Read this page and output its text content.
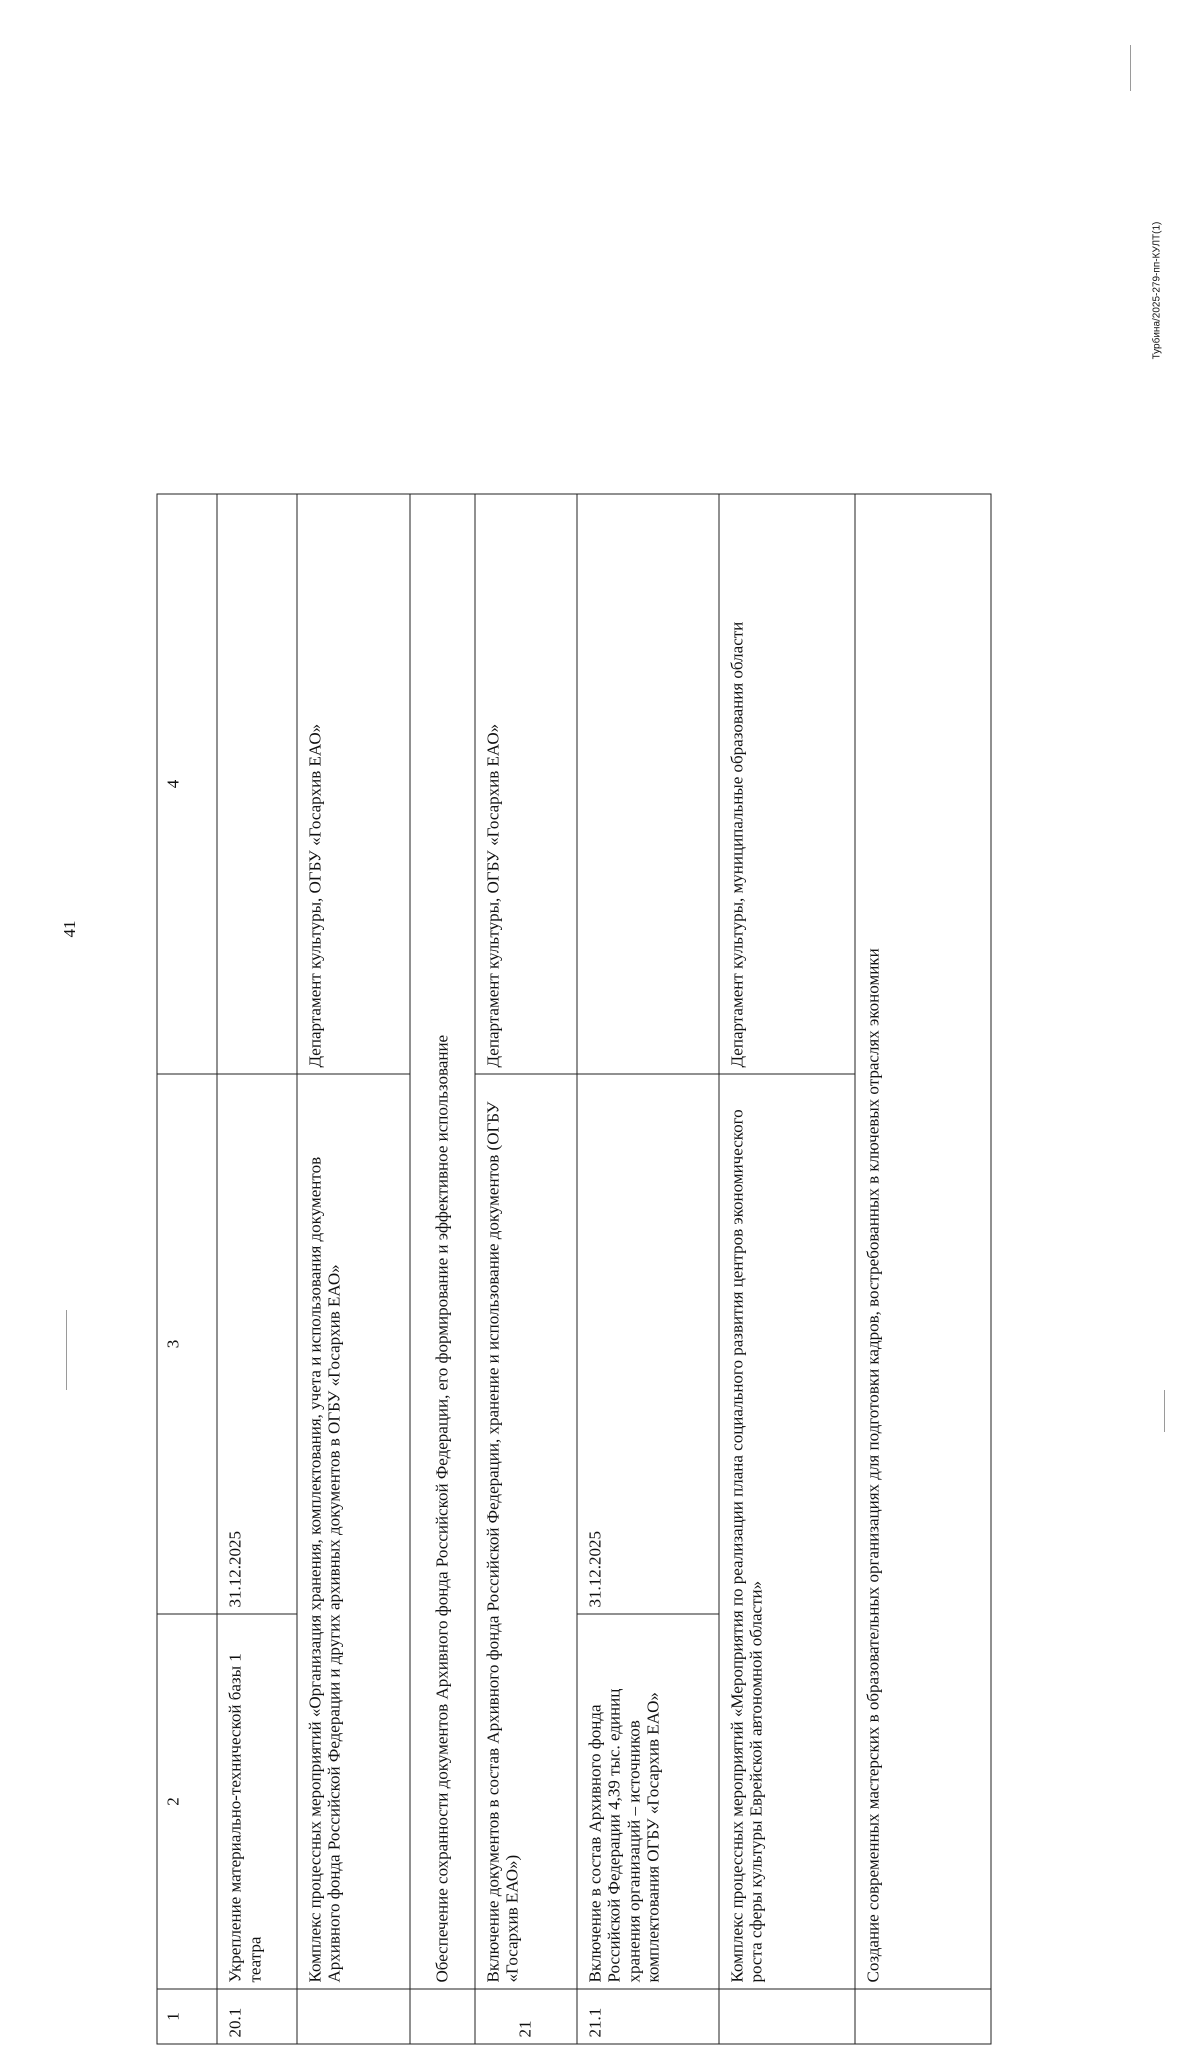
41
Турбина/2025-279-пп-КУЛТ(1)
1	2	3	4
20.1	Укрепление материально-технической базы 1 театра	31.12.2025	
	Комплекс процессных мероприятий «Организация хранения, комплектования, учета и использования документов Архивного фонда Российской Федерации и других архивных документов в ОГБУ «Госархив ЕАО»		Департамент культуры, ОГБУ «Госархив ЕАО»
	Обеспечение сохранности документов Архивного фонда Российской Федерации, его формирование и эффективное использование		
21	Включение документов в состав Архивного фонда Российской Федерации, хранение и использование документов (ОГБУ «Госархив ЕАО»)		Департамент культуры, ОГБУ «Госархив ЕАО»
21.1	Включение в состав Архивного фонда Российской Федерации 4,39 тыс. единиц хранения организаций – источников комплектования ОГБУ «Госархив ЕАО»	31.12.2025	
	Комплекс процессных мероприятий «Мероприятия по реализации плана социального развития центров экономического роста сферы культуры Еврейской автономной области»		Департамент культуры, муниципальные образования области
	Создание современных мастерских в образовательных организациях для подготовки кадров, востребованных в ключевых отраслях экономики		
